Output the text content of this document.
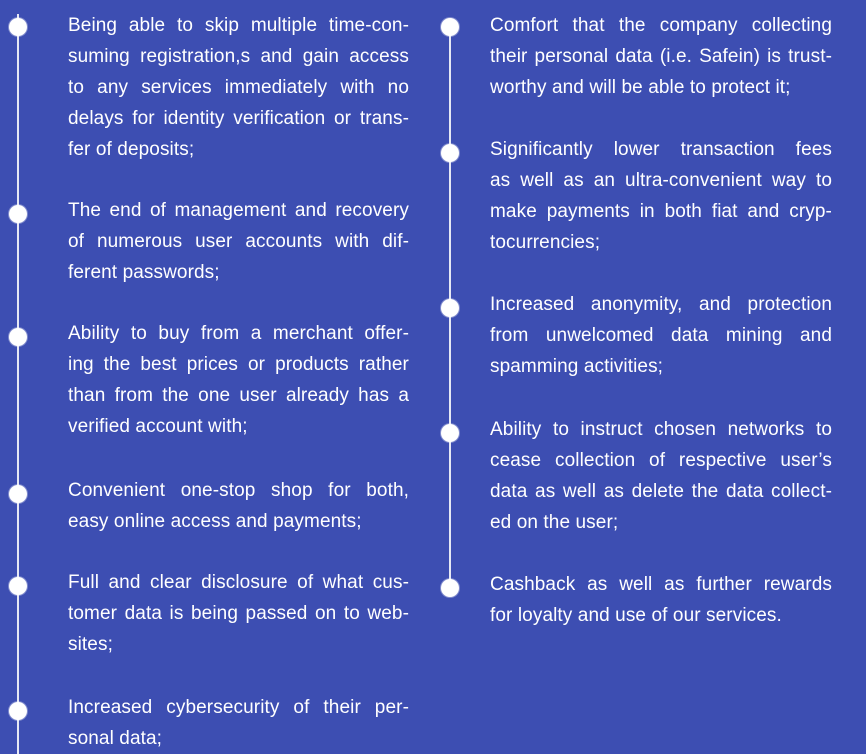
Being able to skip multiple time-con-
suming registration,s and gain access
to any services immediately with no
delays for identity verification or trans-
fer of deposits;
The end of management and recovery
of numerous user accounts with dif-
ferent passwords;
Ability to buy from a merchant offer-
ing the best prices or products rather
than from the one user already has a
verified account with;
Convenient one-stop shop for both,
easy online access and payments;
Full and clear disclosure of what cus-
tomer data is being passed on to web-
sites;
Increased cybersecurity of their per-
sonal data;
Comfort that the company collecting
their personal data (i.e. Safein) is trust-
worthy and will be able to protect it;
Significantly lower transaction fees
as well as an ultra-convenient way to
make payments in both fiat and cryp-
tocurrencies;
Increased anonymity, and protection
from unwelcomed data mining and
spamming activities;
Ability to instruct chosen networks to
cease collection of respective user’s
data as well as delete the data collect-
ed on the user;
Cashback as well as further rewards
for loyalty and use of our services.
